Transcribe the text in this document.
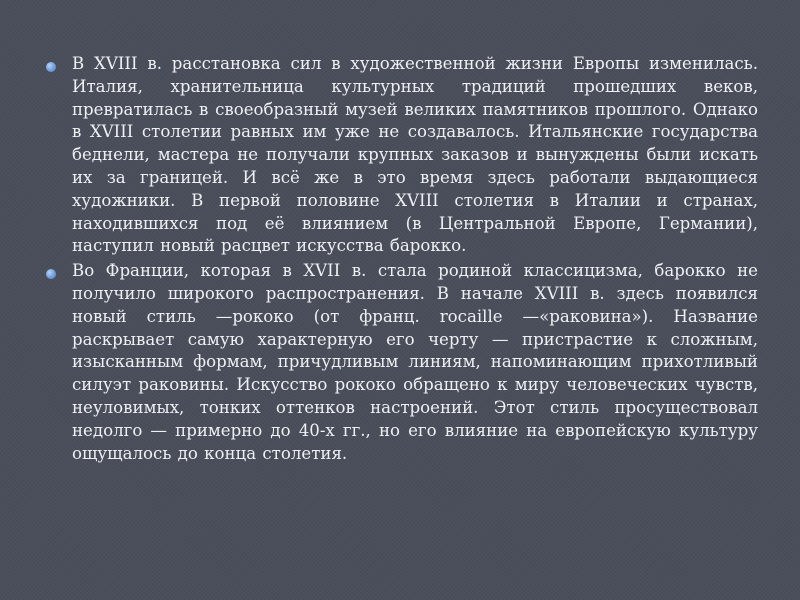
В XVIII в. расстановка сил в художественной жизни Европы изменилась. Италия, хранительница культурных традиций прошедших веков, превратилась в своеобразный музей великих памятников прошлого. Однако в XVIII столетии равных им уже не создавалось. Итальянские государства беднели, мастера не получали крупных заказов и вынуждены были искать их за границей. И всё же в это время здесь работали выдающиеся художники. В первой половине XVIII столетия в Италии и странах, находившихся под её влиянием (в Центральной Европе, Германии), наступил новый расцвет искусства барокко.
Во Франции, которая в XVII в. стала родиной классицизма, барокко не получило широкого распространения. В начале XVIII в. здесь появился новый стиль —рококо (от франц. rocaille —«раковина»). Название раскрывает самую характерную его черту — пристрастие к сложным, изысканным формам, причудливым линиям, напоминающим прихотливый силуэт раковины. Искусство рококо обращено к миру человеческих чувств, неуловимых, тонких оттенков настроений. Этот стиль просуществовал недолго — примерно до 40-х гг., но его влияние на европейскую культуру ощущалось до конца столетия.
